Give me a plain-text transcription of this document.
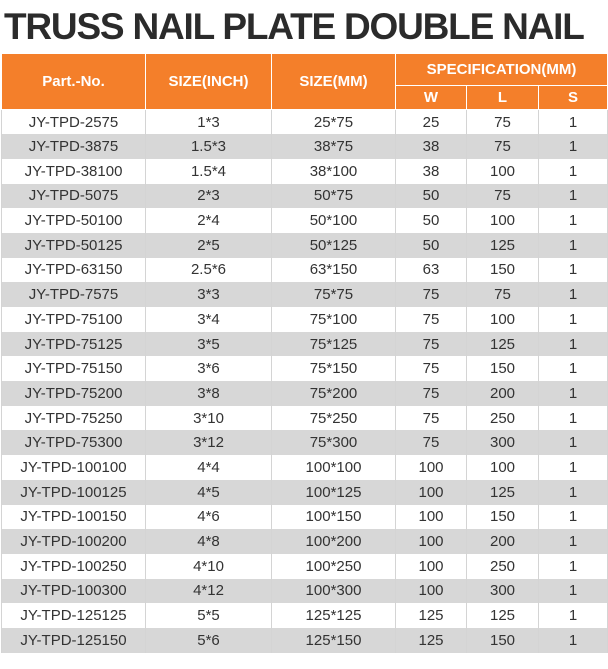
TRUSS NAIL PLATE DOUBLE NAIL
Part.-No.	SIZE(INCH)	SIZE(MM)	SPECIFICATION(MM)		
			W	L	S
JY-TPD-2575	1*3	25*75	25	75	1
JY-TPD-3875	1.5*3	38*75	38	75	1
JY-TPD-38100	1.5*4	38*100	38	100	1
JY-TPD-5075	2*3	50*75	50	75	1
JY-TPD-50100	2*4	50*100	50	100	1
JY-TPD-50125	2*5	50*125	50	125	1
JY-TPD-63150	2.5*6	63*150	63	150	1
JY-TPD-7575	3*3	75*75	75	75	1
JY-TPD-75100	3*4	75*100	75	100	1
JY-TPD-75125	3*5	75*125	75	125	1
JY-TPD-75150	3*6	75*150	75	150	1
JY-TPD-75200	3*8	75*200	75	200	1
JY-TPD-75250	3*10	75*250	75	250	1
JY-TPD-75300	3*12	75*300	75	300	1
JY-TPD-100100	4*4	100*100	100	100	1
JY-TPD-100125	4*5	100*125	100	125	1
JY-TPD-100150	4*6	100*150	100	150	1
JY-TPD-100200	4*8	100*200	100	200	1
JY-TPD-100250	4*10	100*250	100	250	1
JY-TPD-100300	4*12	100*300	100	300	1
JY-TPD-125125	5*5	125*125	125	125	1
JY-TPD-125150	5*6	125*150	125	150	1
